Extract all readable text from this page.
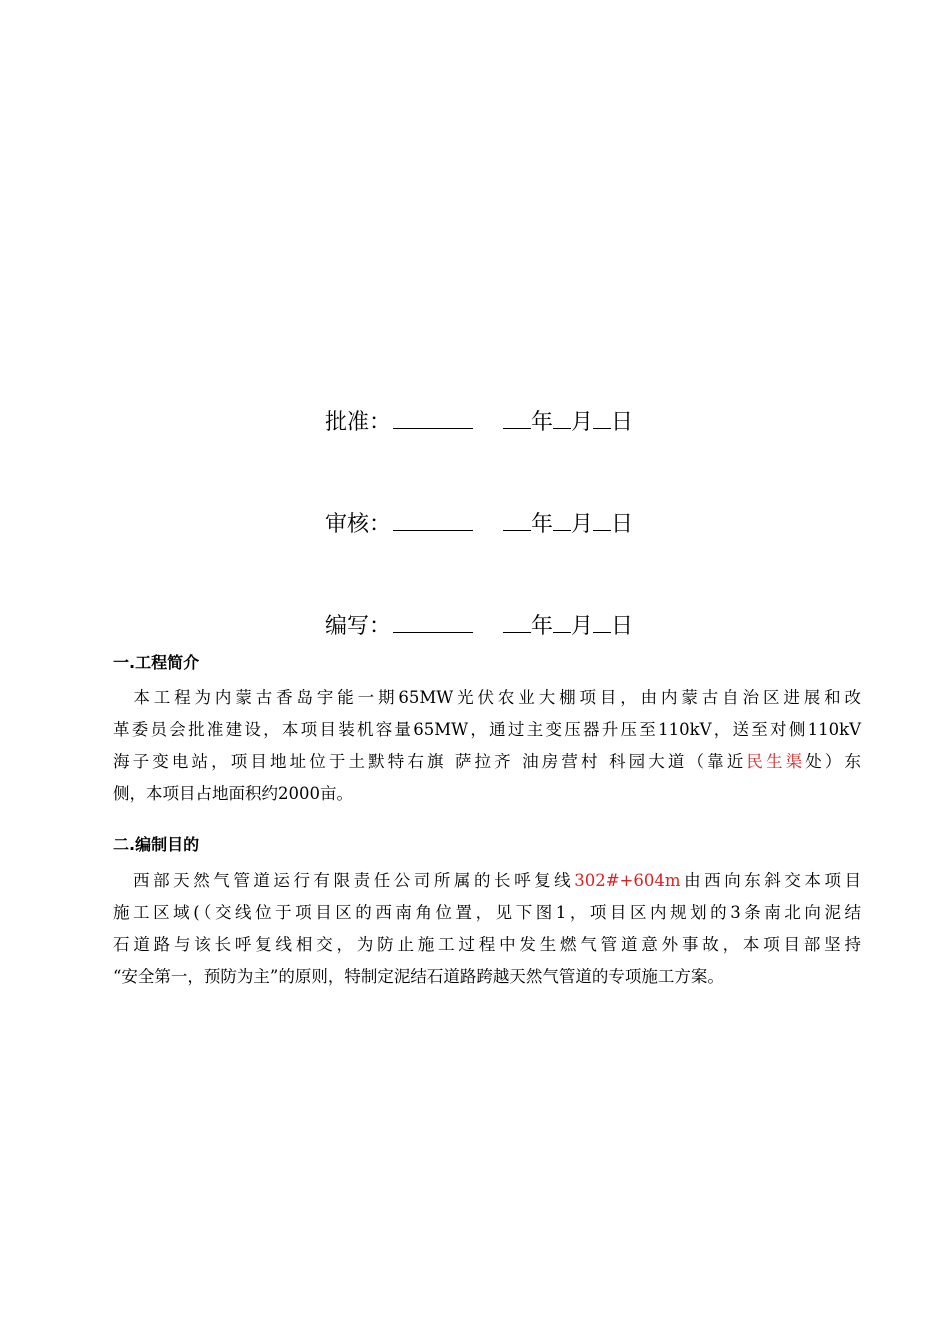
批准：	年 月 日
审核：	年 月 日
编写：	年 月 日
一.工程简介
　本工程为内蒙古香岛宇能一期65MW光伏农业大棚项目，由内蒙古自治区进展和改
革委员会批准建设，本项目装机容量65MW，通过主变压器升压至110kV，送至对侧110kV
海子变电站，项目地址位于土默特右旗 萨拉齐 油房营村 科园大道（靠近民生渠处）东
侧，本项目占地面积约2000亩。
二.编制目的
　西部天然气管道运行有限责任公司所属的长呼复线302#+604m由西向东斜交本项目
施工区域(（交线位于项目区的西南角位置，见下图1，项目区内规划的3条南北向泥结
石道路与该长呼复线相交，为防止施工过程中发生燃气管道意外事故，本项目部坚持
“安全第一，预防为主”的原则，特制定泥结石道路跨越天然气管道的专项施工方案。
